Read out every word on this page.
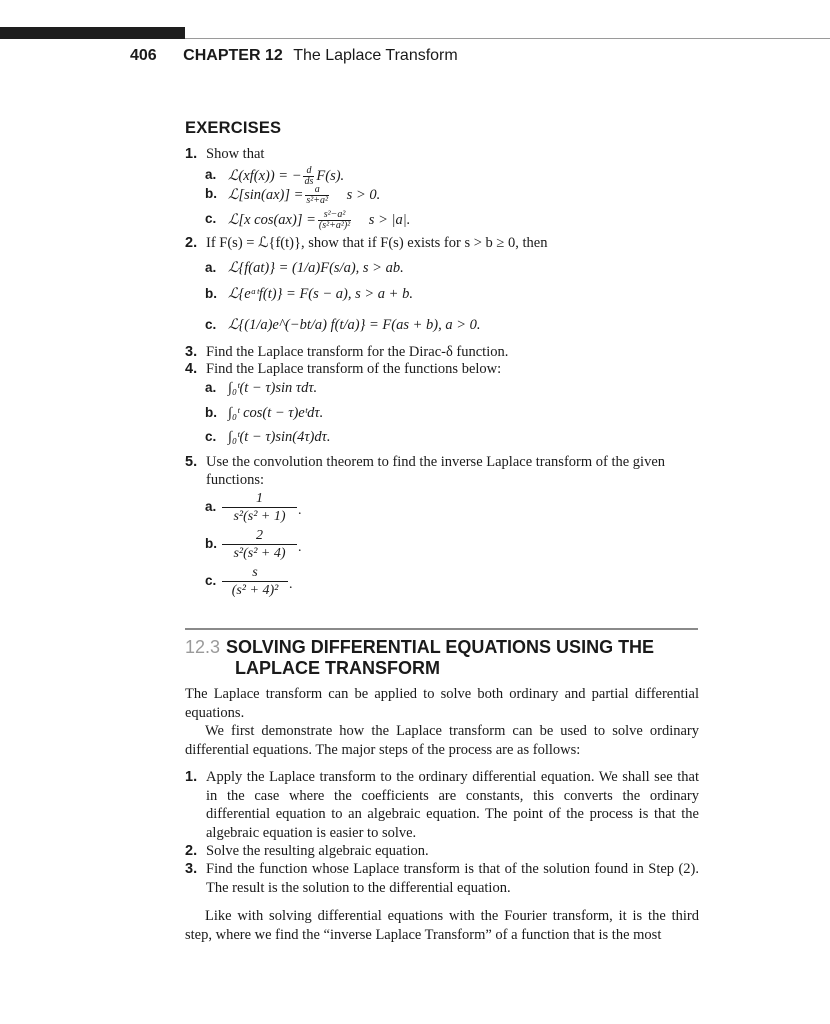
406 CHAPTER 12 The Laplace Transform
EXERCISES
1. Show that
a. ℒ(xf(x)) = − $\frac{d}{ds} F(s)$.
b. ℒ[sin(ax)] = $\frac{a}{\text{s²+a²}}$ s > 0.
c. ℒ[x $\cos(ax)] = \frac{\text{s²−a²}}{\text{(s²+a²)²}}$ s > |a|.
2. If F(s) = ℒ{f(t)}, show that if F(s) exists for s > b ≥ 0, then
a. ℒ{f(at)} = (1/a)F(s/a), s > ab.
b. ℒ{eᵃᵗf(t)} = F(s − a), s > a + b.
c. ℒ{(1/a)e^(−bt/a) f(t/a)} = F(as + b), a > 0.
3. Find the Laplace transform for the Dirac-δ function.
4. Find the Laplace transform of the functions below:
a. ∫₀ᵗ(t − τ)sin τdτ.
b. ∫₀ᵗ cos(t − τ)eᵗdτ.
c. ∫₀ᵗ(t − τ)sin(4τ)dτ.
5. Use the convolution theorem to find the inverse Laplace transform of the given
functions:
a.
1
s²(s² + 1) .
b.
2
s²(s² + 4) .
c.
s
(s² + 4)² .
12.3 SOLVING DIFFERENTIAL EQUATIONS USING THE
LAPLACE TRANSFORM
The Laplace transform can be applied to solve both ordinary and partial differential equations.
We first demonstrate how the Laplace transform can be used to solve ordinary differential equations. The major steps of the process are as follows:
1. Apply the Laplace transform to the ordinary differential equation. We shall see that in the case where the coefficients are constants, this converts the ordinary differential equation to an algebraic equation. The point of the process is that the algebraic equation is easier to solve.
2. Solve the resulting algebraic equation.
3. Find the function whose Laplace transform is that of the solution found in Step (2). The result is the solution to the differential equation.
Like with solving differential equations with the Fourier transform, it is the third step, where we find the “inverse Laplace Transform” of a function that is the most
